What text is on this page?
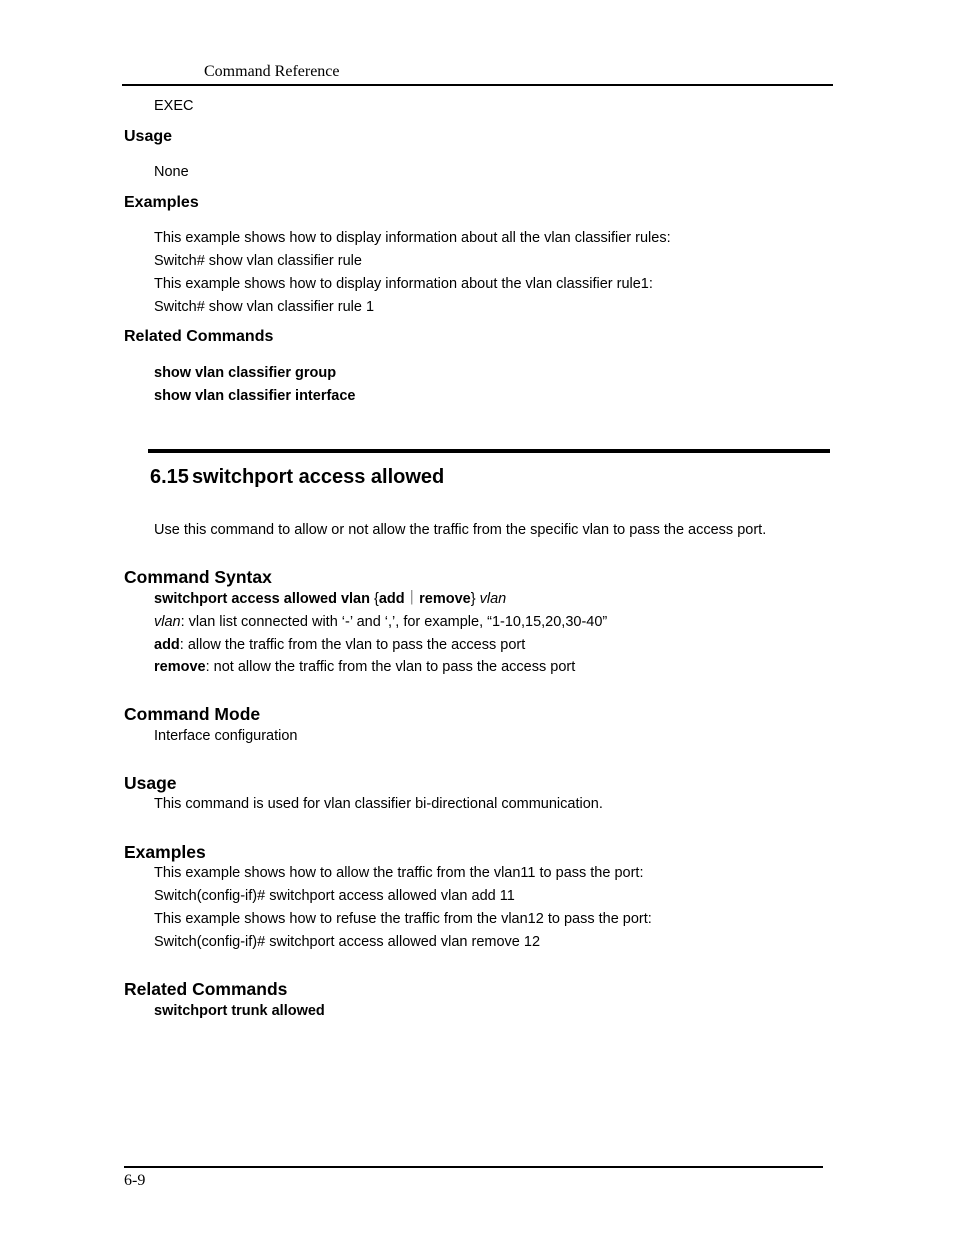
Command Reference
EXEC
Usage
None
Examples
This example shows how to display information about all the vlan classifier rules:
Switch# show vlan classifier rule
This example shows how to display information about the vlan classifier rule1:
Switch# show vlan classifier rule 1
Related Commands
show vlan classifier group
show vlan classifier interface
6.15 switchport access allowed
Use this command to allow or not allow the traffic from the specific vlan to pass the access port.
Command Syntax
switchport access allowed vlan {add｜remove} vlan
vlan: vlan list connected with ‘-’ and ‘,’, for example, “1-10,15,20,30-40”
add: allow the traffic from the vlan to pass the access port
remove: not allow the traffic from the vlan to pass the access port
Command Mode
Interface configuration
Usage
This command is used for vlan classifier bi-directional communication.
Examples
This example shows how to allow the traffic from the vlan11 to pass the port:
Switch(config-if)# switchport access allowed vlan add 11
This example shows how to refuse the traffic from the vlan12 to pass the port:
Switch(config-if)# switchport access allowed vlan remove 12
Related Commands
switchport trunk allowed
6-9
